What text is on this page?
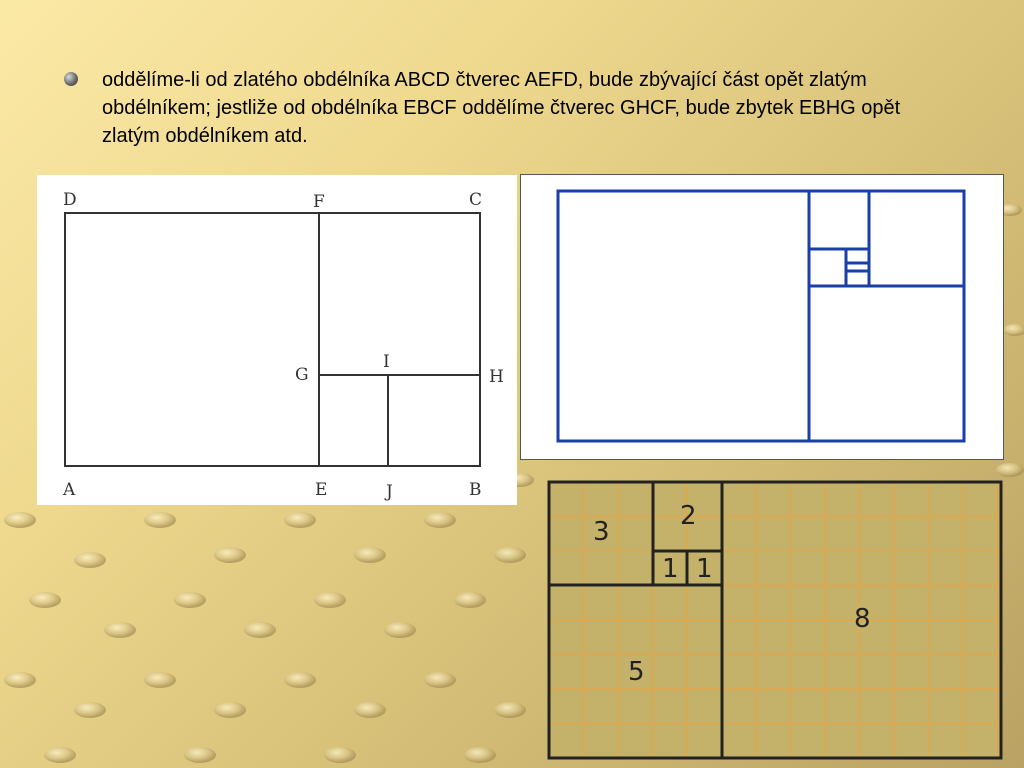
oddělíme-li od zlatého obdélníka ABCD čtverec AEFD, bude zbývající část opět zlatým obdélníkem; jestliže od obdélníka EBCF oddělíme čtverec GHCF, bude zbytek EBHG opět zlatým obdélníkem atd.
D	F	C
G
I
H
A	E	J	B
3
2
1 1
8
5
